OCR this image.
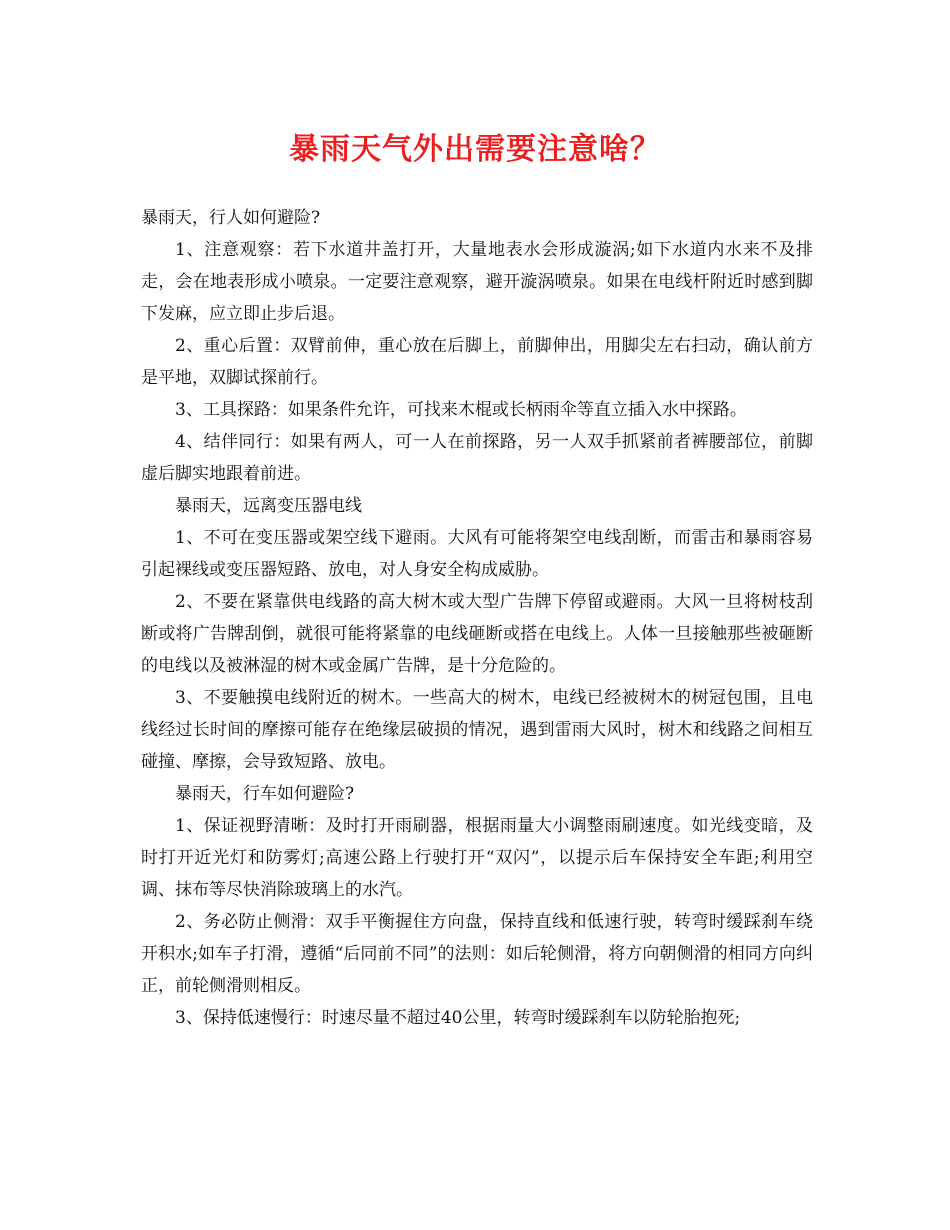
暴雨天气外出需要注意啥？

暴雨天，行人如何避险?

1、注意观察：若下水道井盖打开，大量地表水会形成漩涡;如下水道内水来不及排走，会在地表形成小喷泉。一定要注意观察，避开漩涡喷泉。如果在电线杆附近时感到脚下发麻，应立即止步后退。

2、重心后置：双臂前伸，重心放在后脚上，前脚伸出，用脚尖左右扫动，确认前方是平地，双脚试探前行。

3、工具探路：如果条件允许，可找来木棍或长柄雨伞等直立插入水中探路。

4、结伴同行：如果有两人，可一人在前探路，另一人双手抓紧前者裤腰部位，前脚虚后脚实地跟着前进。

暴雨天，远离变压器电线

1、不可在变压器或架空线下避雨。大风有可能将架空电线刮断，而雷击和暴雨容易引起裸线或变压器短路、放电，对人身安全构成威胁。

2、不要在紧靠供电线路的高大树木或大型广告牌下停留或避雨。大风一旦将树枝刮断或将广告牌刮倒，就很可能将紧靠的电线砸断或搭在电线上。人体一旦接触那些被砸断的电线以及被淋湿的树木或金属广告牌，是十分危险的。

3、不要触摸电线附近的树木。一些高大的树木，电线已经被树木的树冠包围，且电线经过长时间的摩擦可能存在绝缘层破损的情况，遇到雷雨大风时，树木和线路之间相互碰撞、摩擦，会导致短路、放电。

暴雨天，行车如何避险?

1、保证视野清晰：及时打开雨刷器，根据雨量大小调整雨刷速度。如光线变暗，及时打开近光灯和防雾灯;高速公路上行驶打开“双闪”，以提示后车保持安全车距;利用空调、抹布等尽快消除玻璃上的水汽。

2、务必防止侧滑：双手平衡握住方向盘，保持直线和低速行驶，转弯时缓踩刹车绕开积水;如车子打滑，遵循“后同前不同”的法则：如后轮侧滑，将方向朝侧滑的相同方向纠正，前轮侧滑则相反。

3、保持低速慢行：时速尽量不超过40公里，转弯时缓踩刹车以防轮胎抱死;
